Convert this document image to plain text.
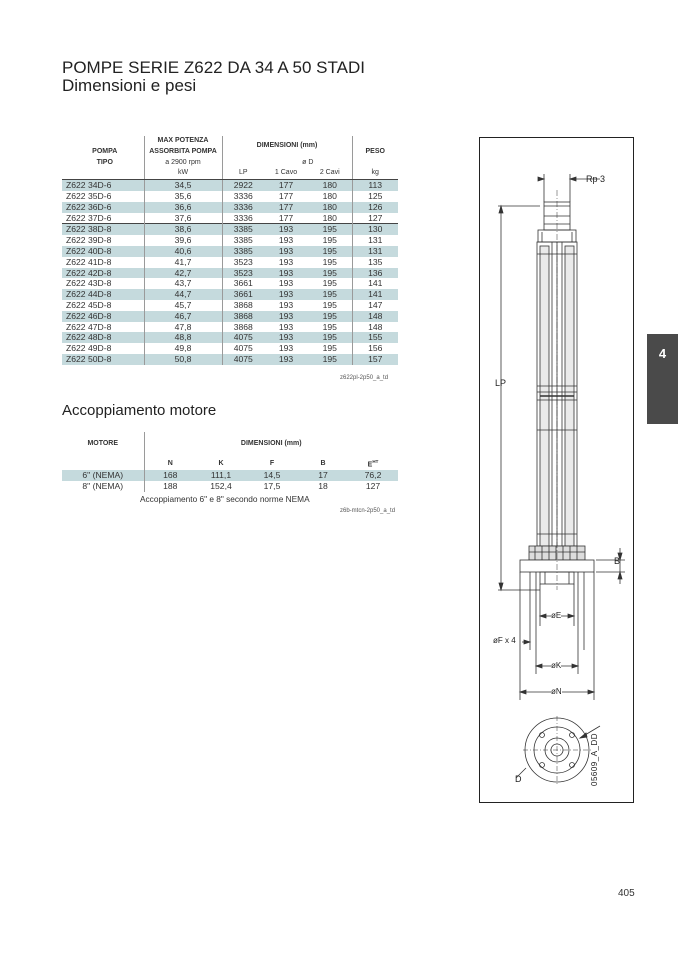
POMPE SERIE Z622 DA 34 A 50 STADI
Dimensioni e pesi
	MAX POTENZA	DIMENSIONI (mm)			
POMPA	ASSORBITA POMPA				PESO
TIPO	a 2900 rpm		ø D		
	kW	LP	1 Cavo	2 Cavi	kg
Z622 34D-6	34,5	2922	177	180	113
Z622 35D-6	35,6	3336	177	180	125
Z622 36D-6	36,6	3336	177	180	126
Z622 37D-6	37,6	3336	177	180	127
Z622 38D-8	38,6	3385	193	195	130
Z622 39D-8	39,6	3385	193	195	131
Z622 40D-8	40,6	3385	193	195	131
Z622 41D-8	41,7	3523	193	195	135
Z622 42D-8	42,7	3523	193	195	136
Z622 43D-8	43,7	3661	193	195	141
Z622 44D-8	44,7	3661	193	195	141
Z622 45D-8	45,7	3868	193	195	147
Z622 46D-8	46,7	3868	193	195	148
Z622 47D-8	47,8	3868	193	195	148
Z622 48D-8	48,8	4075	193	195	155
Z622 49D-8	49,8	4075	193	195	156
Z622 50D-8	50,8	4075	193	195	157
z622pl-2p50_a_td
Accoppiamento motore
MOTORE	DIMENSIONI (mm)				
	N	K	F	B	$E^{HT}$
6" (NEMA)	168	111,1	14,5	17	76,2
8" (NEMA)	188	152,4	17,5	18	127
Accoppiamento 6" e 8" secondo norme NEMA
z6b-mtcn-2p50_a_td
Rp 3
LP
B
øE
øF x 4
øK
øN
D	05609_A_DD
4
405
